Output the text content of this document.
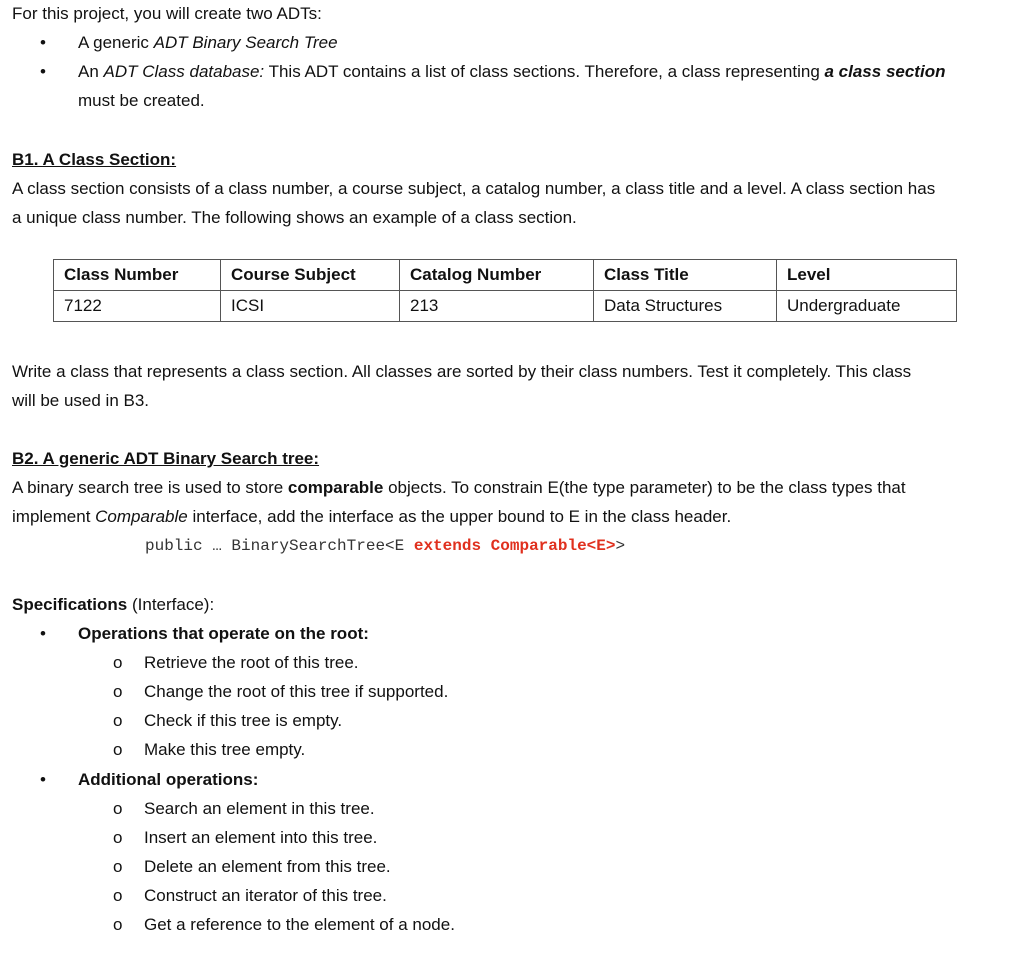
For this project, you will create two ADTs:

• A generic ADT Binary Search Tree
• An ADT Class database: This ADT contains a list of class sections. Therefore, a class representing a class section
must be created.

B1. A Class Section:

A class section consists of a class number, a course subject, a catalog number, a class title and a level. A class section has

a unique class number. The following shows an example of a class section.

Class Number	Course Subject	Catalog Number	Class Title	Level
7122	ICSI	213	Data Structures	Undergraduate

Write a class that represents a class section. All classes are sorted by their class numbers. Test it completely. This class

will be used in B3.

B2. A generic ADT Binary Search tree:

A binary search tree is used to store comparable objects. To constrain E(the type parameter) to be the class types that

implement Comparable interface, add the interface as the upper bound to E in the class header.

public … BinarySearchTree<E extends Comparable<E>>

Specifications (Interface):

• Operations that operate on the root:
o Retrieve the root of this tree.
o Change the root of this tree if supported.
o Check if this tree is empty.
o Make this tree empty.
• Additional operations:
o Search an element in this tree.
o Insert an element into this tree.
o Delete an element from this tree.
o Construct an iterator of this tree.
o Get a reference to the element of a node.
